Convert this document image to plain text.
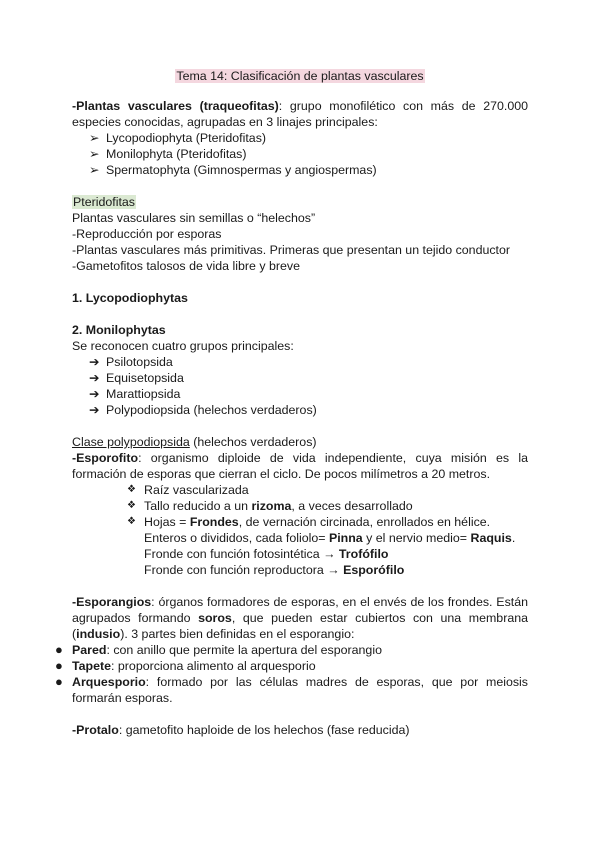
Tema 14: Clasificación de plantas vasculares

-Plantas vasculares (traqueofitas): grupo monofilético con más de 270.000 especies conocidas, agrupadas en 3 linajes principales:

➢ Lycopodiophyta (Pteridofitas)
➢ Monilophyta (Pteridofitas)
➢ Spermatophyta (Gimnospermas y angiospermas)

Pteridofitas

Plantas vasculares sin semillas o “helechos”

-Reproducción por esporas

-Plantas vasculares más primitivas. Primeras que presentan un tejido conductor

-Gametofitos talosos de vida libre y breve

1. Lycopodiophytas
2. Monilophytas

Se reconocen cuatro grupos principales:

➔ Psilotopsida
➔ Equisetopsida
➔ Marattiopsida
➔ Polypodiopsida (helechos verdaderos)

Clase polypodiopsida (helechos verdaderos)

-Esporofito: organismo diploide de vida independiente, cuya misión es la formación de esporas que cierran el ciclo. De pocos milímetros a 20 metros.

❖ Raíz vascularizada
❖ Tallo reducido a un rizoma, a veces desarrollado
❖ Hojas = Frondes, de vernación circinada, enrollados en hélice.
Enteros o divididos, cada foliolo= Pinna y el nervio medio= Raquis.
Fronde con función fotosintética → Trofófilo
Fronde con función reproductora → Esporófilo

-Esporangios: órganos formadores de esporas, en el envés de los frondes. Están agrupados formando soros, que pueden estar cubiertos con una membrana (indusio). 3 partes bien definidas en el esporangio:

● Pared: con anillo que permite la apertura del esporangio
● Tapete: proporciona alimento al arquesporio
● Arquesporio: formado por las células madres de esporas, que por meiosis formarán esporas.

-Protalo: gametofito haploide de los helechos (fase reducida)
